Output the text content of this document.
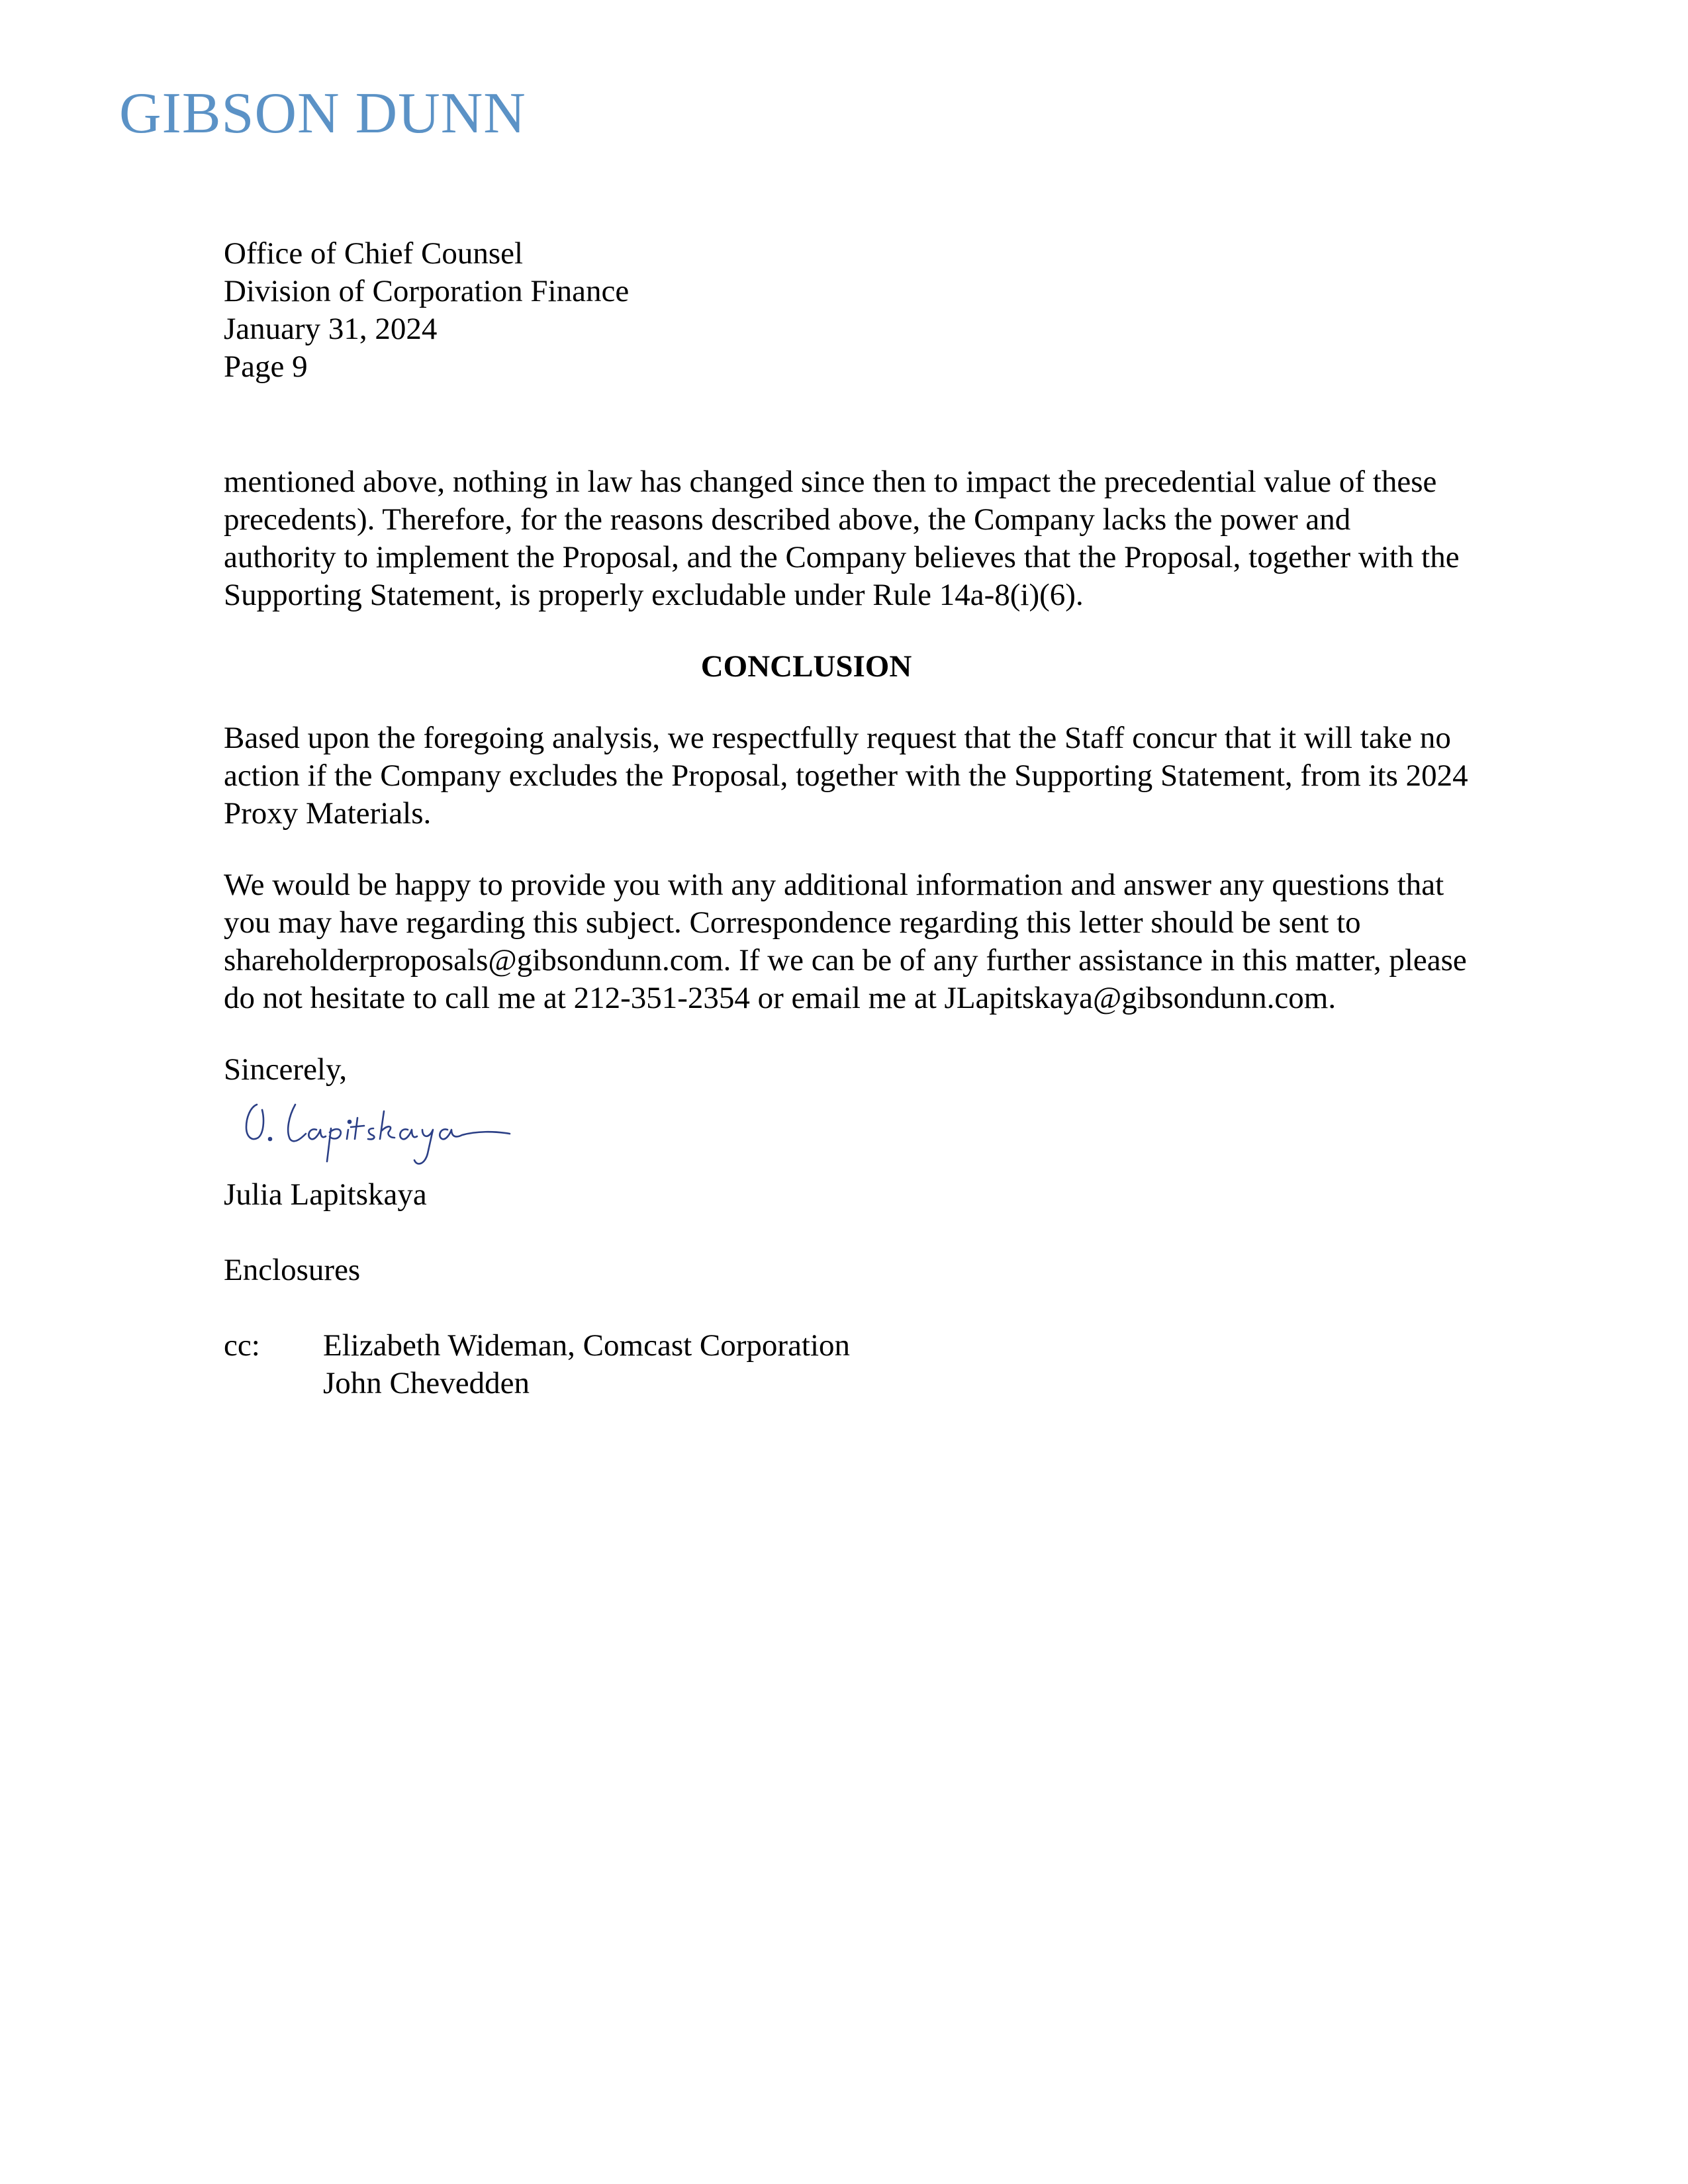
GIBSON DUNN
Office of Chief Counsel
Division of Corporation Finance
January 31, 2024
Page 9
mentioned above, nothing in law has changed since then to impact the precedential value of these precedents). Therefore, for the reasons described above, the Company lacks the power and authority to implement the Proposal, and the Company believes that the Proposal, together with the Supporting Statement, is properly excludable under Rule 14a-8(i)(6).
CONCLUSION
Based upon the foregoing analysis, we respectfully request that the Staff concur that it will take no action if the Company excludes the Proposal, together with the Supporting Statement, from its 2024 Proxy Materials.
We would be happy to provide you with any additional information and answer any questions that you may have regarding this subject. Correspondence regarding this letter should be sent to shareholderproposals@gibsondunn.com. If we can be of any further assistance in this matter, please do not hesitate to call me at 212-351-2354 or email me at JLapitskaya@gibsondunn.com.
Sincerely,
Julia Lapitskaya
Enclosures
cc:	Elizabeth Wideman, Comcast Corporation
John Chevedden
